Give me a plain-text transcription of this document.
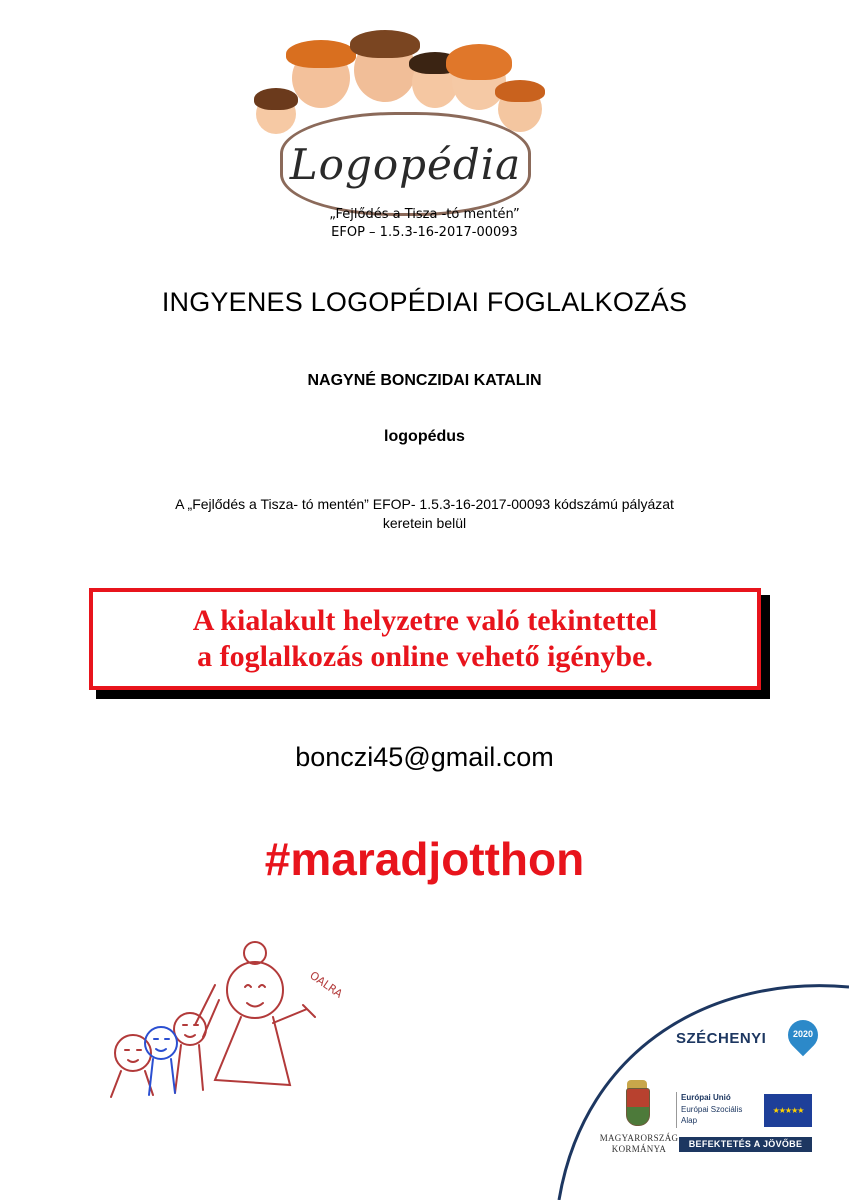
Logopédia
„Fejlődés a Tisza -tó mentén”
EFOP – 1.5.3-16-2017-00093
INGYENES LOGOPÉDIAI FOGLALKOZÁS
NAGYNÉ BONCZIDAI KATALIN
logopédus
A „Fejlődés a Tisza- tó mentén” EFOP- 1.5.3-16-2017-00093 kódszámú pályázat
keretein belül
A kialakult helyzetre való tekintettel
a foglalkozás online vehető igénybe.
bonczi45@gmail.com
#maradjotthon
OALRA
SZÉCHENYI	2020
MAGYARORSZÁG
KORMÁNYA
Európai Unió
Európai Szociális
Alap
★★★★★
BEFEKTETÉS A JÖVŐBE
